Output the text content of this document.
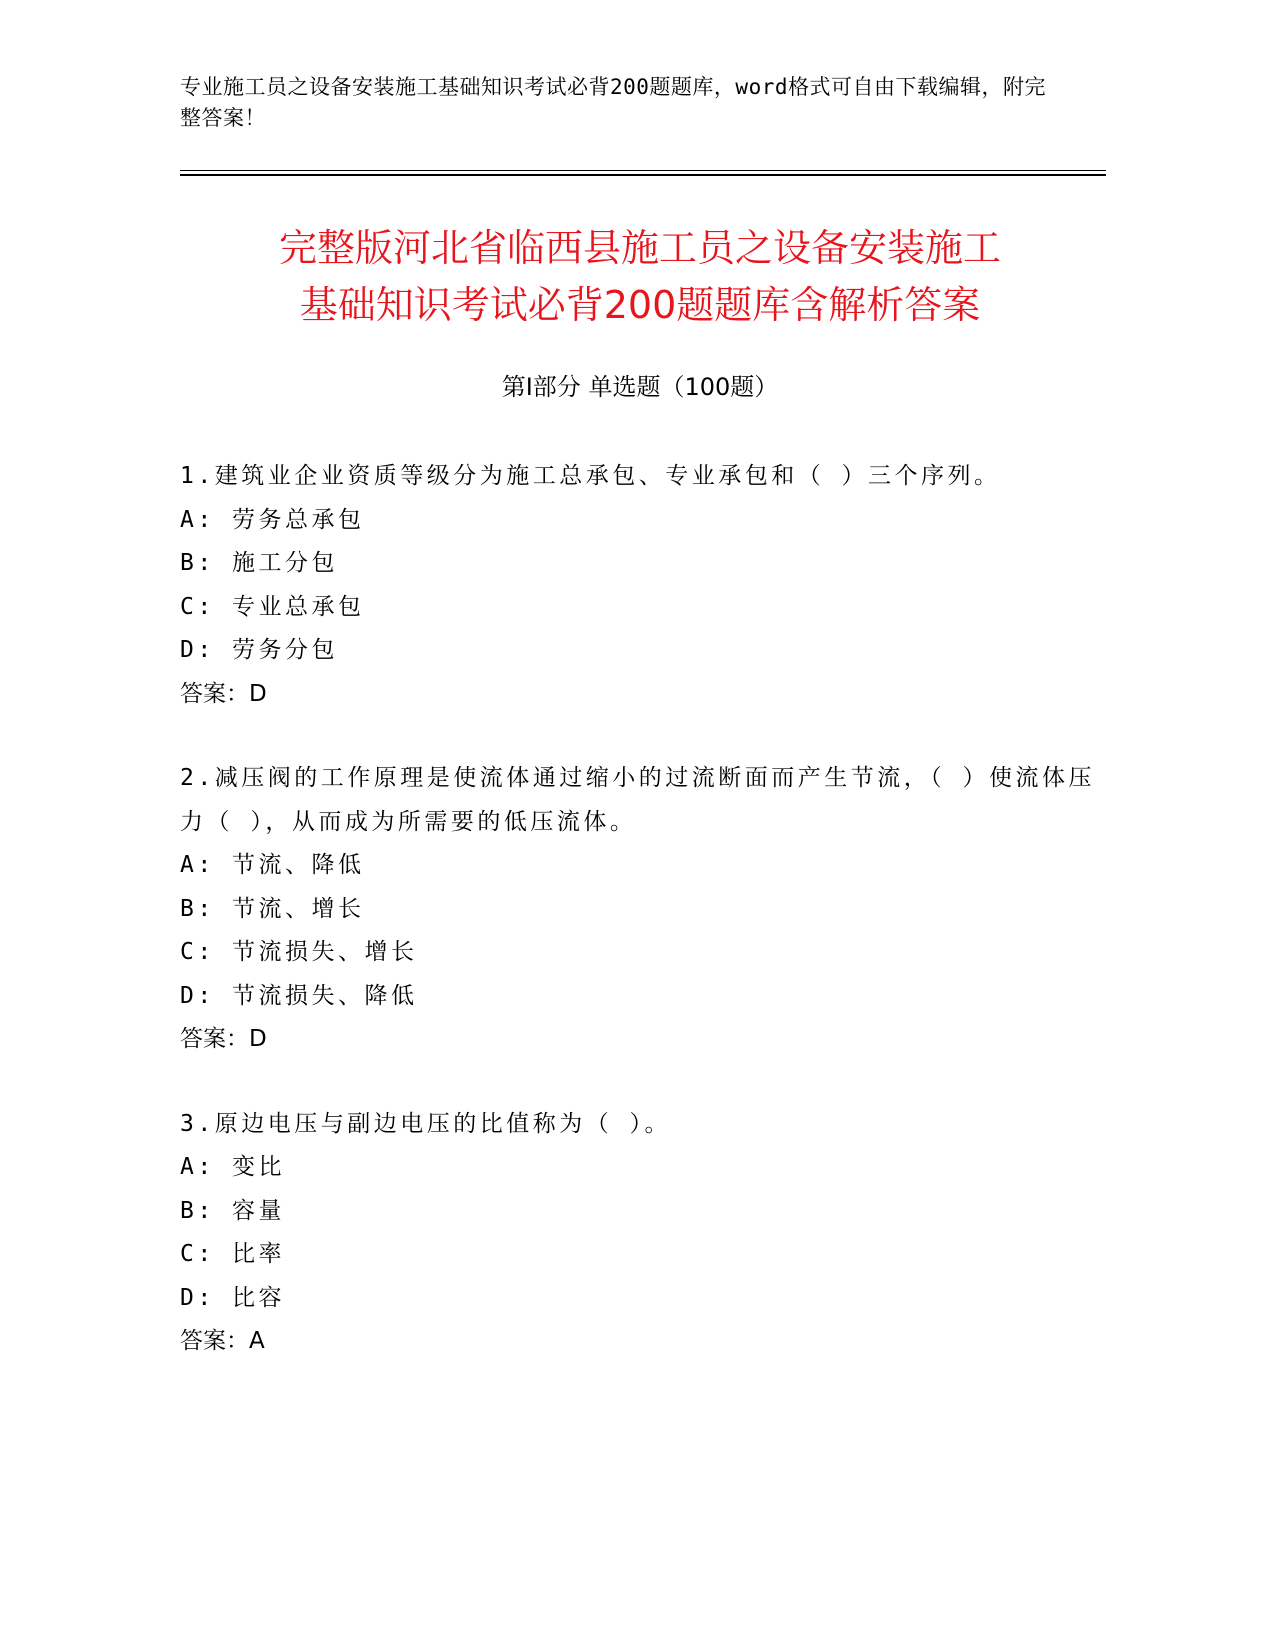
专业施工员之设备安装施工基础知识考试必背200题题库，word格式可自由下载编辑，附完整答案！
完整版河北省临西县施工员之设备安装施工
基础知识考试必背200题题库含解析答案
第Ⅰ部分 单选题（100题）
1.建筑业企业资质等级分为施工总承包、专业承包和（ ）三个序列。
A: 劳务总承包
B: 施工分包
C: 专业总承包
D: 劳务分包
答案：D
2.减压阀的工作原理是使流体通过缩小的过流断面而产生节流，（ ）使流体压力（ ），从而成为所需要的低压流体。
A: 节流、降低
B: 节流、增长
C: 节流损失、增长
D: 节流损失、降低
答案：D
3.原边电压与副边电压的比值称为（ ）。
A: 变比
B: 容量
C: 比率
D: 比容
答案：A
